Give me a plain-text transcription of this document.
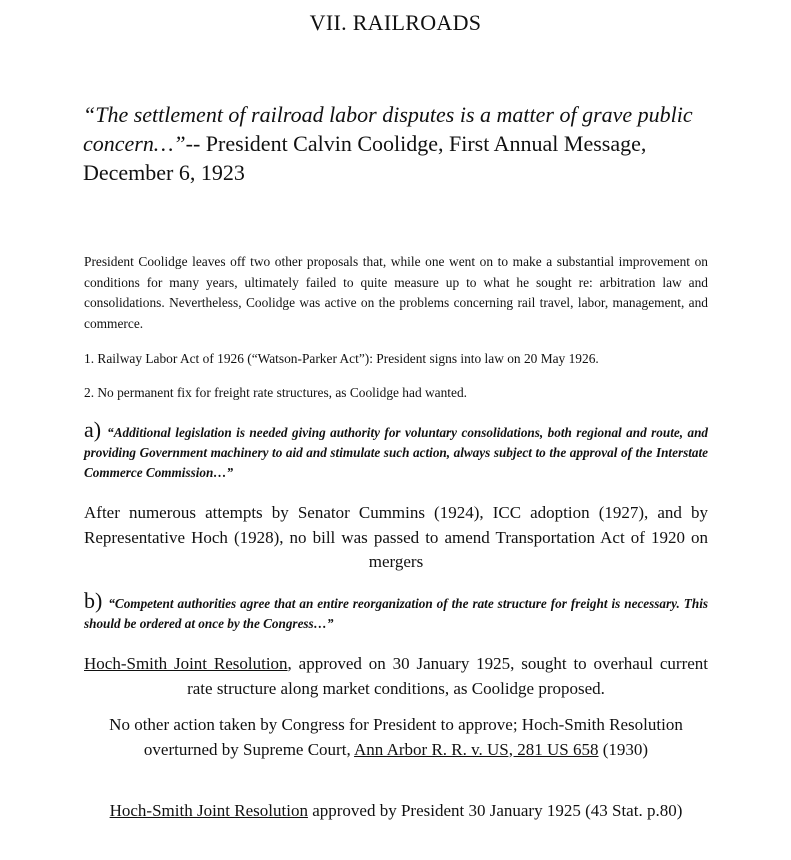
VII. RAILROADS
“The settlement of railroad labor disputes is a matter of grave public concern…”-- President Calvin Coolidge, First Annual Message, December 6, 1923
President Coolidge leaves off two other proposals that, while one went on to make a substantial improvement on conditions for many years, ultimately failed to quite measure up to what he sought re: arbitration law and consolidations. Nevertheless, Coolidge was active on the problems concerning rail travel, labor, management, and commerce.
1. Railway Labor Act of 1926 (“Watson-Parker Act”): President signs into law on 20 May 1926.
2. No permanent fix for freight rate structures, as Coolidge had wanted.
a) “Additional legislation is needed giving authority for voluntary consolidations, both regional and route, and providing Government machinery to aid and stimulate such action, always subject to the approval of the Interstate Commerce Commission…”
After numerous attempts by Senator Cummins (1924), ICC adoption (1927), and by Representative Hoch (1928), no bill was passed to amend Transportation Act of 1920 on mergers
b) “Competent authorities agree that an entire reorganization of the rate structure for freight is necessary. This should be ordered at once by the Congress…”
Hoch-Smith Joint Resolution, approved on 30 January 1925, sought to overhaul current rate structure along market conditions, as Coolidge proposed.
No other action taken by Congress for President to approve; Hoch-Smith Resolution overturned by Supreme Court, Ann Arbor R. R. v. US, 281 US 658 (1930)
Hoch-Smith Joint Resolution approved by President 30 January 1925 (43 Stat. p.80)
